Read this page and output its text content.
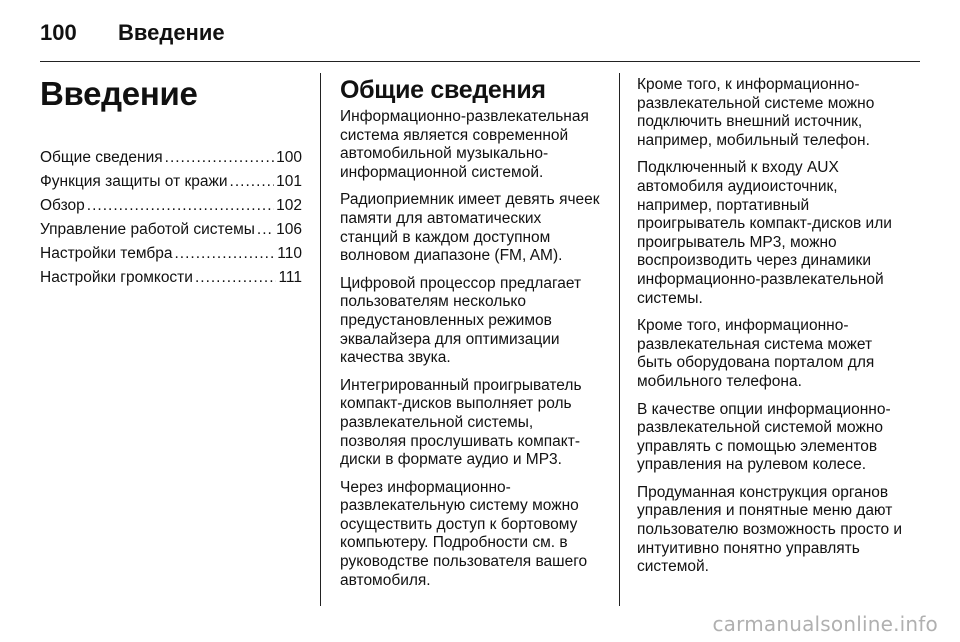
100	Введение
Введение
Общие сведения .....	100
Функция защиты от кражи .....	101
Обзор .....	102
Управление работой системы ..... 106
Настройки тембра .....	110
Настройки громкости .....	111
Общие сведения

Информационно-развлекательная система является современной автомобильной музыкально-информационной системой.

Радиоприемник имеет девять ячеек памяти для автоматических станций в каждом доступном волновом диапазоне (FM, AM).

Цифровой процессор предлагает пользователям несколько предустановленных режимов эквалайзера для оптимизации качества звука.

Интегрированный проигрыватель компакт-дисков выполняет роль развлекательной системы, позволяя прослушивать компакт-диски в формате аудио и MP3.

Через информационно-развлекательную систему можно осуществить доступ к бортовому компьютеру. Подробности см. в руководстве пользователя вашего автомобиля.

Кроме того, к информационно-развлекательной системе можно подключить внешний источник, например, мобильный телефон.

Подключенный к входу AUX автомобиля аудиоисточник, например, портативный проигрыватель компакт-дисков или проигрыватель MP3, можно воспроизводить через динамики информационно-развлекательной системы.

Кроме того, информационно-развлекательная система может быть оборудована порталом для мобильного телефона.

В качестве опции информационно-развлекательной системой можно управлять с помощью элементов управления на рулевом колесе.

Продуманная конструкция органов управления и понятные меню дают пользователю возможность просто и интуитивно понятно управлять системой.

carmanualsonline.info
